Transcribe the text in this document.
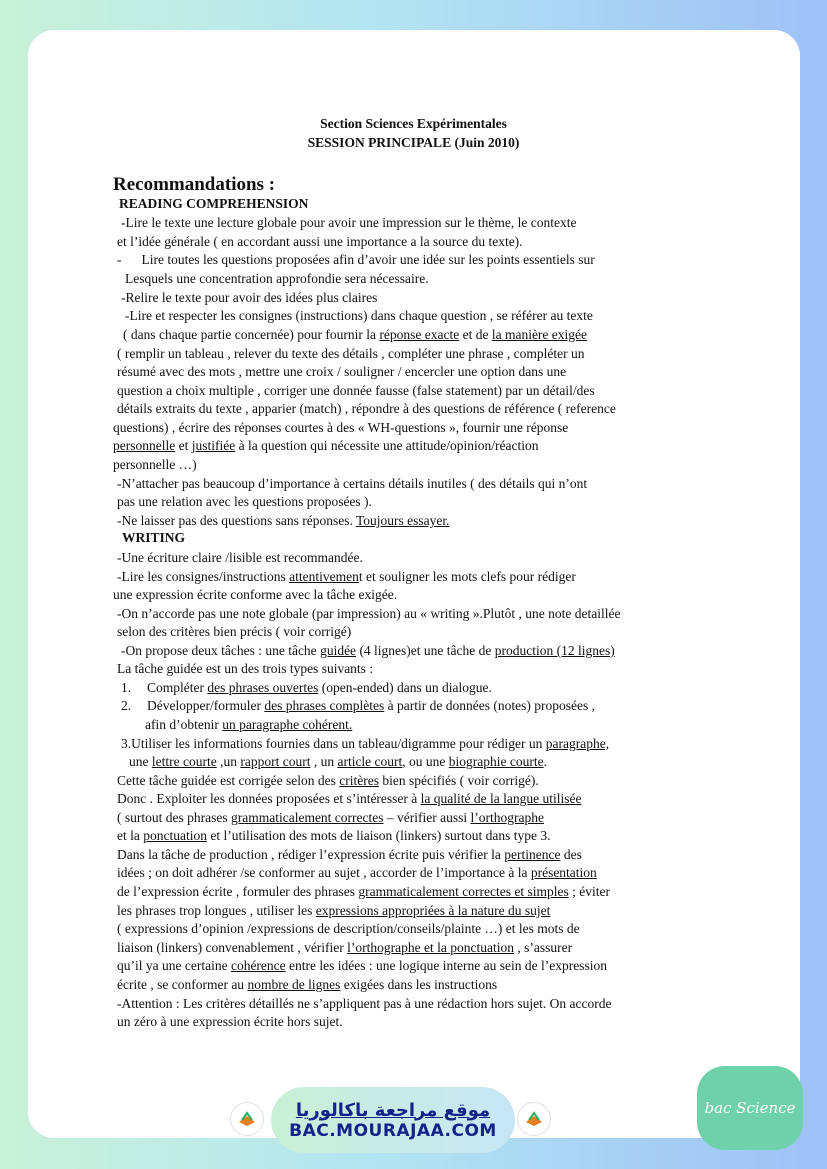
Section Sciences Expérimentales
SESSION PRINCIPALE (Juin 2010)
Recommandations :
READING COMPREHENSION
-Lire le texte une lecture globale pour avoir une impression sur le thème, le contexte
et l’idée générale ( en accordant aussi une importance a la source du texte).
- Lire toutes les questions proposées afin d’avoir une idée sur les points essentiels sur
Lesquels une concentration approfondie sera nécessaire.
-Relire le texte pour avoir des idées plus claires
-Lire et respecter les consignes (instructions) dans chaque question , se référer au texte
( dans chaque partie concernée) pour fournir la réponse exacte et de la manière exigée
( remplir un tableau , relever du texte des détails , compléter une phrase , compléter un
résumé avec des mots , mettre une croix / souligner / encercler une option dans une
question a choix multiple , corriger une donnée fausse (false statement) par un détail/des
détails extraits du texte , apparier (match) , répondre à des questions de référence ( reference
questions) , écrire des réponses courtes à des « WH-questions », fournir une réponse
personnelle et justifiée à la question qui nécessite une attitude/opinion/réaction
personnelle …)
-N’attacher pas beaucoup d’importance à certains détails inutiles ( des détails qui n’ont
pas une relation avec les questions proposées ).
-Ne laisser pas des questions sans réponses. Toujours essayer.
WRITING
-Une écriture claire /lisible est recommandée.
-Lire les consignes/instructions attentivement et souligner les mots clefs pour rédiger
une expression écrite conforme avec la tâche exigée.
-On n’accorde pas une note globale (par impression) au « writing ».Plutôt , une note detaillée
selon des critères bien précis ( voir corrigé)
-On propose deux tâches : une tâche guidée (4 lignes)et une tâche de production (12 lignes)
La tâche guidée est un des trois types suivants :
1. Compléter des phrases ouvertes (open-ended) dans un dialogue.
2. Développer/formuler des phrases complètes à partir de données (notes) proposées ,
afin d’obtenir un paragraphe cohérent.
3.Utiliser les informations fournies dans un tableau/digramme pour rédiger un paragraphe,
une lettre courte ,un rapport court , un article court, ou une biographie courte.
Cette tâche guidée est corrigée selon des critères bien spécifiés ( voir corrigé).
Donc . Exploiter les données proposées et s’intéresser à la qualité de la langue utilisée
( surtout des phrases grammaticalement correctes – vérifier aussi l’orthographe
et la ponctuation et l’utilisation des mots de liaison (linkers) surtout dans type 3.
Dans la tâche de production , rédiger l’expression écrite puis vérifier la pertinence des
idées ; on doit adhérer /se conformer au sujet , accorder de l’importance à la présentation
de l’expression écrite , formuler des phrases grammaticalement correctes et simples ; éviter
les phrases trop longues , utiliser les expressions appropriées à la nature du sujet
( expressions d’opinion /expressions de description/conseils/plainte …) et les mots de
liaison (linkers) convenablement , vérifier l’orthographe et la ponctuation , s’assurer
qu’il ya une certaine cohérence entre les idées : une logique interne au sein de l’expression
écrite , se conformer au nombre de lignes exigées dans les instructions
-Attention : Les critères détaillés ne s’appliquent pas à une rédaction hors sujet. On accorde
un zéro à une expression écrite hors sujet.
موقع مراجعة باكالوريا
BAC.MOURAJAA.COM
bac Science
